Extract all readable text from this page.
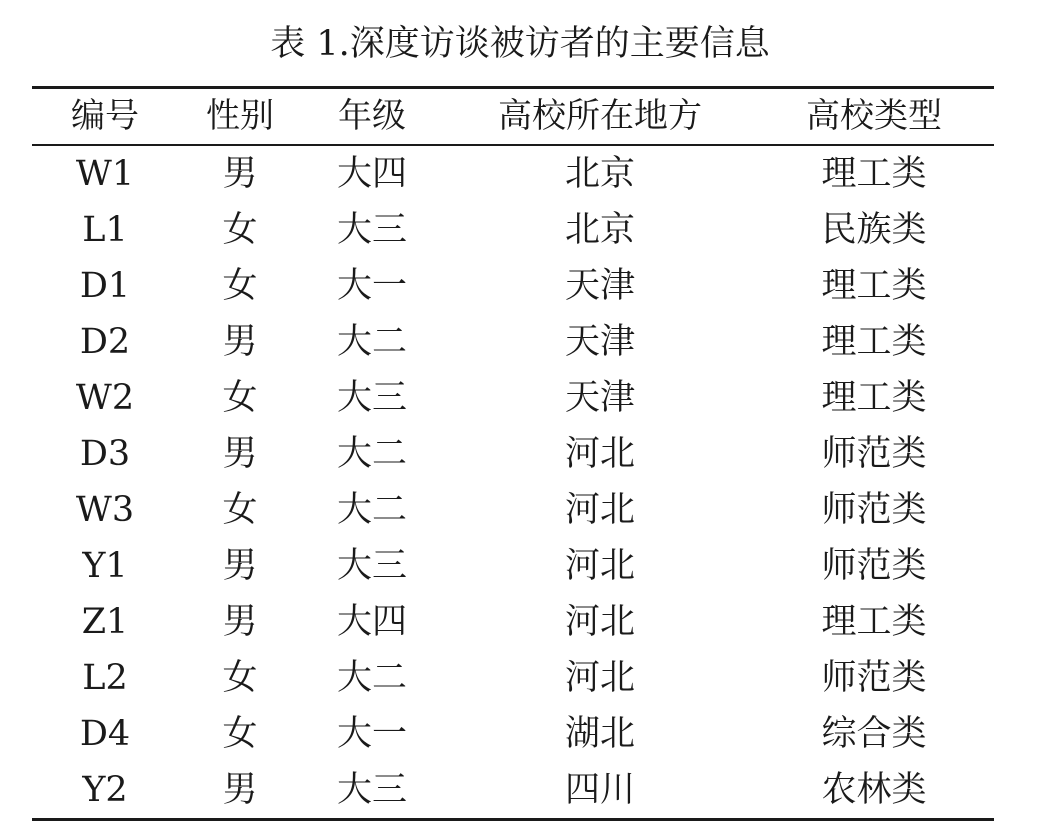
表 1.深度访谈被访者的主要信息
编号	性别	年级	高校所在地方	高校类型
W1	男	大四	北京	理工类
L1	女	大三	北京	民族类
D1	女	大一	天津	理工类
D2	男	大二	天津	理工类
W2	女	大三	天津	理工类
D3	男	大二	河北	师范类
W3	女	大二	河北	师范类
Y1	男	大三	河北	师范类
Z1	男	大四	河北	理工类
L2	女	大二	河北	师范类
D4	女	大一	湖北	综合类
Y2	男	大三	四川	农林类
